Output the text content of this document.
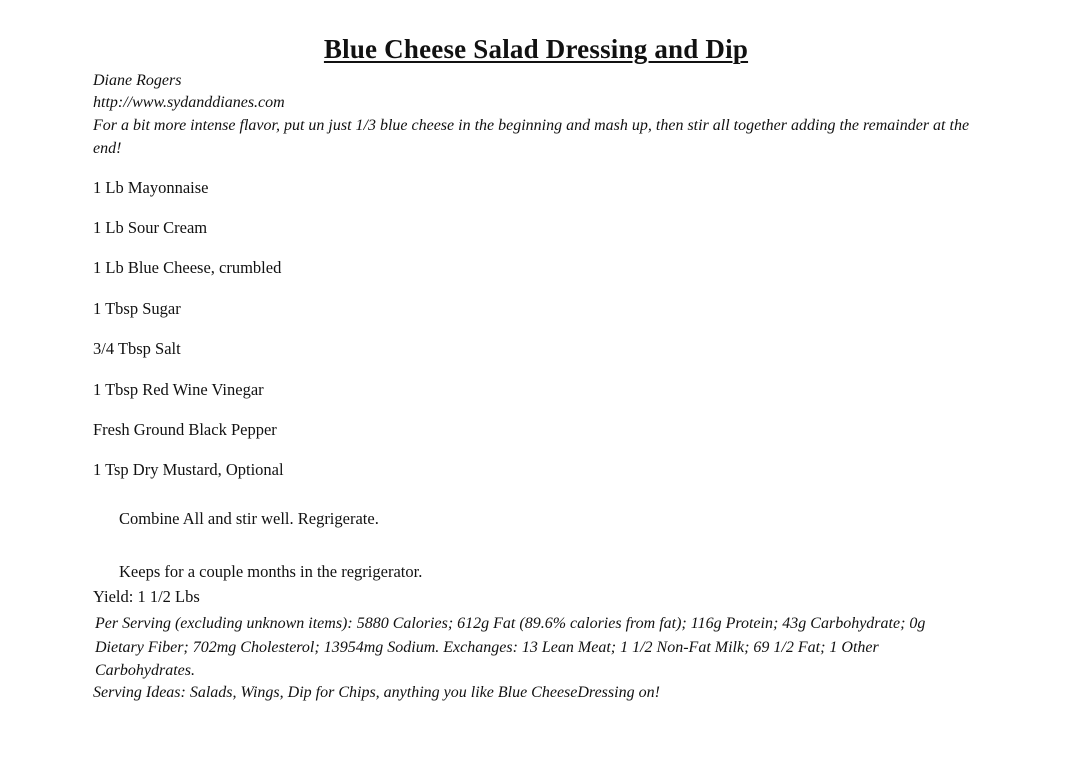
Blue Cheese Salad Dressing and Dip
Diane Rogers
http://www.sydanddianes.com
For a bit more intense flavor, put un just 1/3 blue cheese in the beginning and mash up, then stir all together adding the remainder at the end!
1 Lb Mayonnaise
1 Lb Sour Cream
1 Lb Blue Cheese, crumbled
1 Tbsp Sugar
3/4 Tbsp Salt
1 Tbsp Red Wine Vinegar
Fresh Ground Black Pepper
1 Tsp Dry Mustard, Optional
Combine All and stir well. Regrigerate.
Keeps for a couple months in the regrigerator.
Yield: 1 1/2 Lbs
Per Serving (excluding unknown items): 5880 Calories; 612g Fat (89.6% calories from fat); 116g Protein; 43g Carbohydrate; 0g Dietary Fiber; 702mg Cholesterol; 13954mg Sodium. Exchanges: 13 Lean Meat; 1 1/2 Non-Fat Milk; 69 1/2 Fat; 1 Other Carbohydrates.
Serving Ideas: Salads, Wings, Dip for Chips, anything you like Blue CheeseDressing on!
